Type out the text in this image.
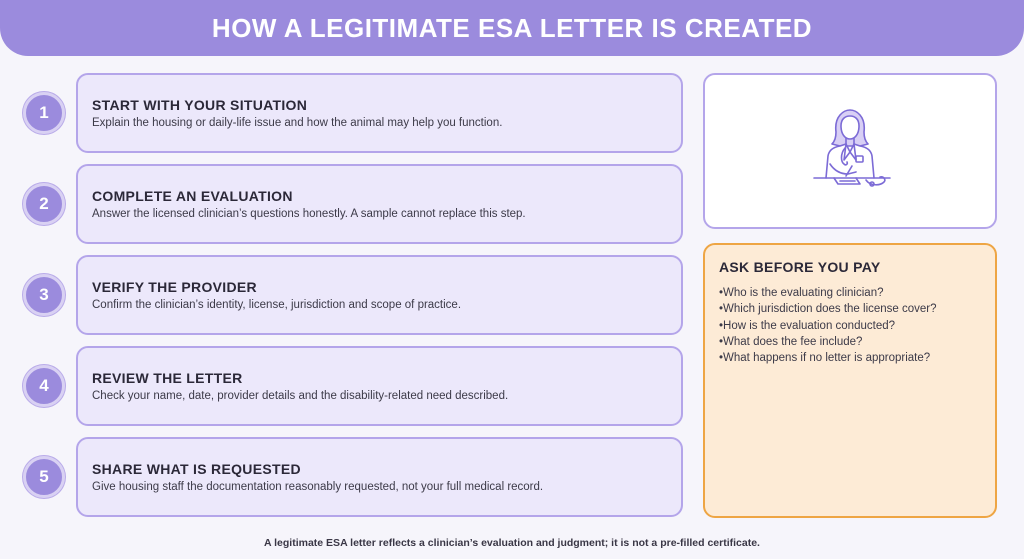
HOW A LEGITIMATE ESA LETTER IS CREATED
1	START WITH YOUR SITUATION
Explain the housing or daily-life issue and how the animal may help you function.
2	COMPLETE AN EVALUATION
Answer the licensed clinician’s questions honestly. A sample cannot replace this step.
3	VERIFY THE PROVIDER
Confirm the clinician’s identity, license, jurisdiction and scope of practice.
4	REVIEW THE LETTER
Check your name, date, provider details and the disability-related need described.
5	SHARE WHAT IS REQUESTED
Give housing staff the documentation reasonably requested, not your full medical record.
ASK BEFORE YOU PAY
• Who is the evaluating clinician?
• Which jurisdiction does the license cover?
• How is the evaluation conducted?
• What does the fee include?
• What happens if no letter is appropriate?
A legitimate ESA letter reflects a clinician’s evaluation and judgment; it is not a pre-filled certificate.
